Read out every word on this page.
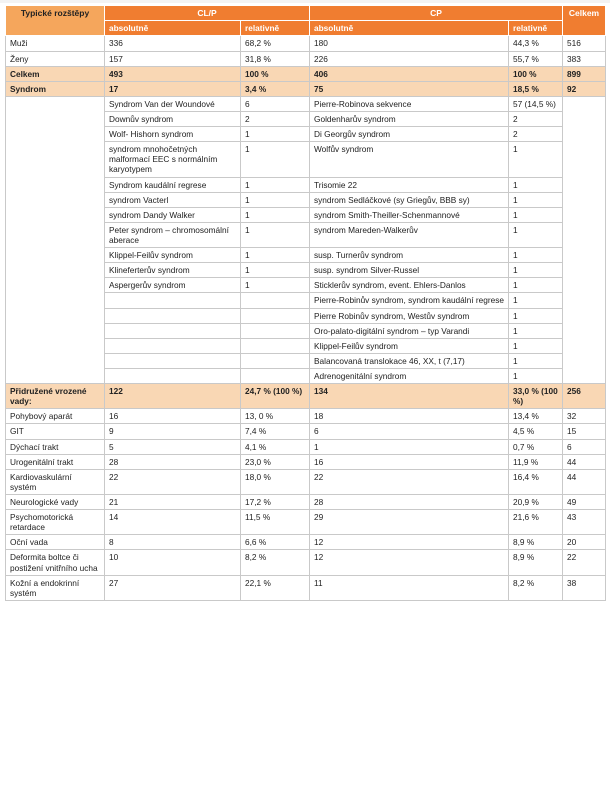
Typické rozštěpy	CL/P		CP		Celkem
	absolutně	relativně	absolutně	relativně	
Muži	336	68,2 %	180	44,3 %	516
Ženy	157	31,8 %	226	55,7 %	383
Celkem	493	100 %	406	100 %	899
Syndrom	17	3,4 %	75	18,5 %	92
	Syndrom Van der Woundové	6	Pierre-Robinova sekvence	57 (14,5 %)	
	Downův syndrom	2	Goldenharův syndrom	2	
	Wolf- Hishorn syndrom	1	Di Georgův syndrom	2	
	syndrom mnohočetných malformací EEC s normálním karyotypem	1	Wolfův syndrom	1	
	Syndrom kaudální regrese	1	Trisomie 22	1	
	syndrom Vacterl	1	syndrom Sedláčkové (sy Griegův, BBB sy)	1	
	syndrom Dandy Walker	1	syndrom Smith-Theiller-Schenmannové	1	
	Peter syndrom – chromosomální aberace	1	syndrom Mareden-Walkerův	1	
	Klippel-Feilův syndrom	1	susp. Turnerův syndrom	1	
	Klineferterův syndrom	1	susp. syndrom Silver-Russel	1	
	Aspergerův syndrom	1	Sticklerův syndrom, event. Ehlers-Danlos	1	
			Pierre-Robinův syndrom, syndrom kaudální regrese	1	
			Pierre Robinův syndrom, Westův syndrom	1	
			Oro-palato-digitální syndrom – typ Varandi	1	
			Klippel-Feilův syndrom	1	
			Balancovaná translokace 46, XX, t (7,17)	1	
			Adrenogenitální syndrom	1	
Přidružené vrozené vady:	122	24,7 % (100 %)	134	33,0 % (100 %)	256
Pohybový aparát	16	13, 0 %	18	13,4 %	32
GIT	9	7,4 %	6	4,5 %	15
Dýchací trakt	5	4,1 %	1	0,7 %	6
Urogenitální trakt	28	23,0 %	16	11,9 %	44
Kardiovaskulární systém	22	18,0 %	22	16,4 %	44
Neurologické vady	21	17,2 %	28	20,9 %	49
Psychomotorická retardace	14	11,5 %	29	21,6 %	43
Oční vada	8	6,6 %	12	8,9 %	20
Deformita boltce či postižení vnitřního ucha	10	8,2 %	12	8,9 %	22
Kožní a endokrinní systém	27	22,1 %	11	8,2 %	38
